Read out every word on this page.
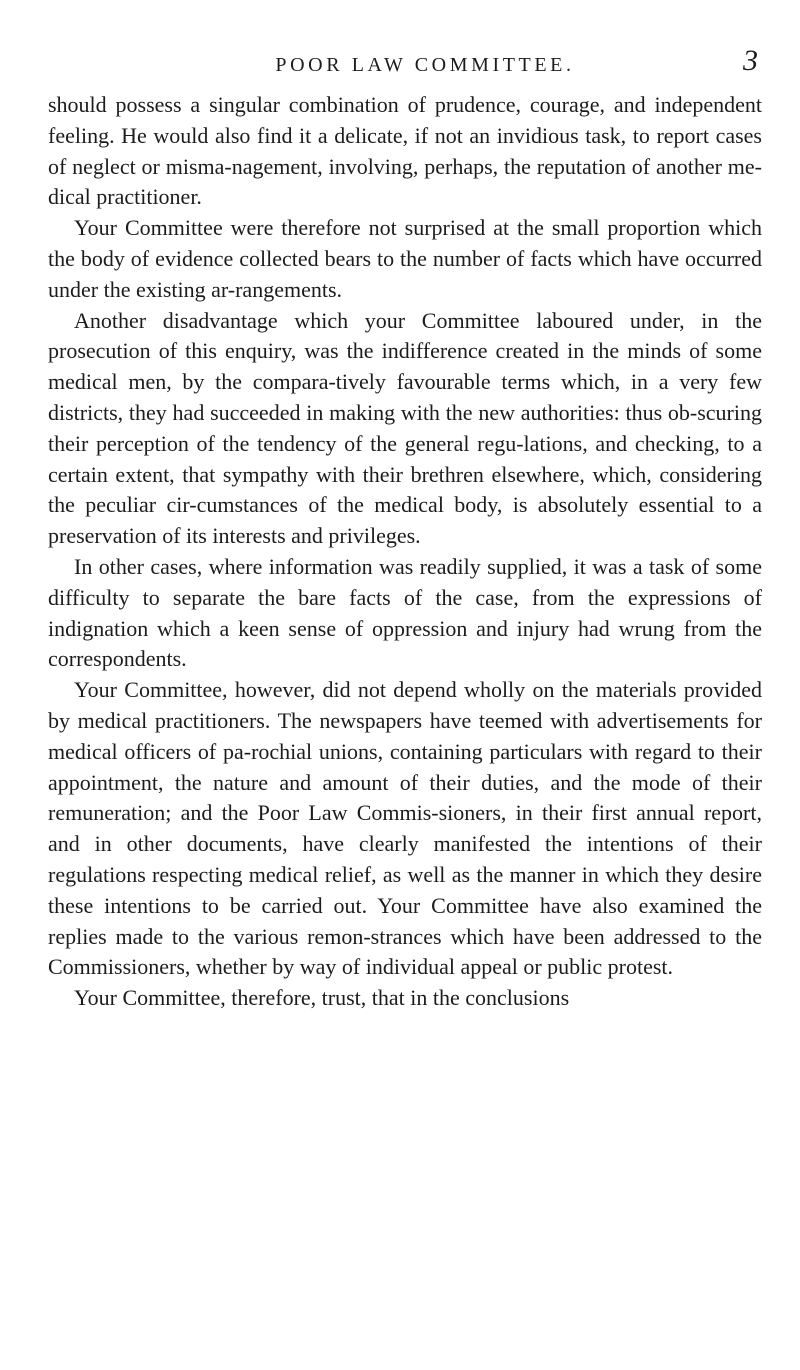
POOR LAW COMMITTEE.	3

should possess a singular combination of prudence, courage, and independent feeling. He would also find it a delicate, if not an invidious task, to report cases of neglect or misma-nagement, involving, perhaps, the reputation of another me-dical practitioner.

Your Committee were therefore not surprised at the small proportion which the body of evidence collected bears to the number of facts which have occurred under the existing ar-rangements.

Another disadvantage which your Committee laboured under, in the prosecution of this enquiry, was the indifference created in the minds of some medical men, by the compara-tively favourable terms which, in a very few districts, they had succeeded in making with the new authorities: thus ob-scuring their perception of the tendency of the general regu-lations, and checking, to a certain extent, that sympathy with their brethren elsewhere, which, considering the peculiar cir-cumstances of the medical body, is absolutely essential to a preservation of its interests and privileges.

In other cases, where information was readily supplied, it was a task of some difficulty to separate the bare facts of the case, from the expressions of indignation which a keen sense of oppression and injury had wrung from the correspondents.

Your Committee, however, did not depend wholly on the materials provided by medical practitioners. The newspapers have teemed with advertisements for medical officers of pa-rochial unions, containing particulars with regard to their appointment, the nature and amount of their duties, and the mode of their remuneration; and the Poor Law Commis-sioners, in their first annual report, and in other documents, have clearly manifested the intentions of their regulations respecting medical relief, as well as the manner in which they desire these intentions to be carried out. Your Committee have also examined the replies made to the various remon-strances which have been addressed to the Commissioners, whether by way of individual appeal or public protest.

Your Committee, therefore, trust, that in the conclusions
